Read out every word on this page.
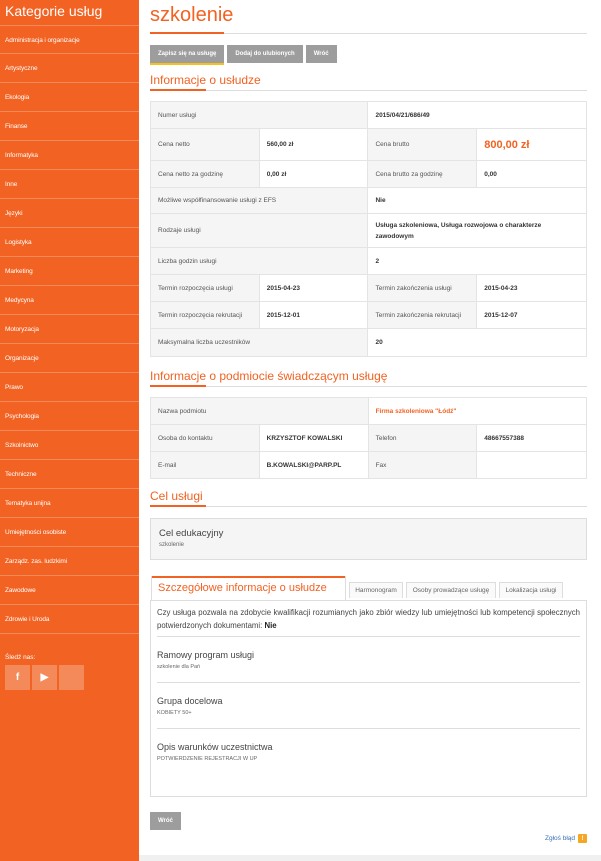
Kategorie usług
Administracja i organizacje
Artystyczne
Ekologia
Finanse
Informatyka
Inne
Języki
Logistyka
Marketing
Medycyna
Motoryzacja
Organizacje
Prawo
Psychologia
Szkolnictwo
Techniczne
Tematyka unijna
Umiejętności osobiste
Zarządz. zas. ludzkimi
Zawodowe
Zdrowie i Uroda
Śledź nas:
f	▶
szkolenie
Zapisz się na usługę	Dodaj do ulubionych	Wróć
Informacje o usłudze
Numer usługi		2015/04/21/686/49	
Cena netto	560,00 zł	Cena brutto	800,00 zł
Cena netto za godzinę	0,00 zł	Cena brutto za godzinę	0,00
Możliwe współfinansowanie usługi z EFS		Nie	
Rodzaje usługi		Usługa szkoleniowa, Usługa rozwojowa o charakterze zawodowym	
Liczba godzin usługi		2	
Termin rozpoczęcia usługi	2015-04-23	Termin zakończenia usługi	2015-04-23
Termin rozpoczęcia rekrutacji	2015-12-01	Termin zakończenia rekrutacji	2015-12-07
Maksymalna liczba uczestników		20	
Informacje o podmiocie świadczącym usługę
Nazwa podmiotu		Firma szkoleniowa "Łódź"	
Osoba do kontaktu	KRZYSZTOF KOWALSKI	Telefon	48667557388
E-mail	B.KOWALSKI@PARP.PL	Fax	
Cel usługi
Cel edukacyjny
szkolenie
Szczegółowe informacje o usłudze	Harmonogram	Osoby prowadzące usługę	Lokalizacja usługi
Czy usługa pozwala na zdobycie kwalifikacji rozumianych jako zbiór wiedzy lub umiejętności lub kompetencji społecznych potwierdzonych dokumentami: Nie
Ramowy program usługi
szkolenie dla Pań
Grupa docelowa
KOBIETY 50+
Opis warunków uczestnictwa
POTWIERDZENIE REJESTRACJI W UP
Wróć
Zgłoś błąd	!
